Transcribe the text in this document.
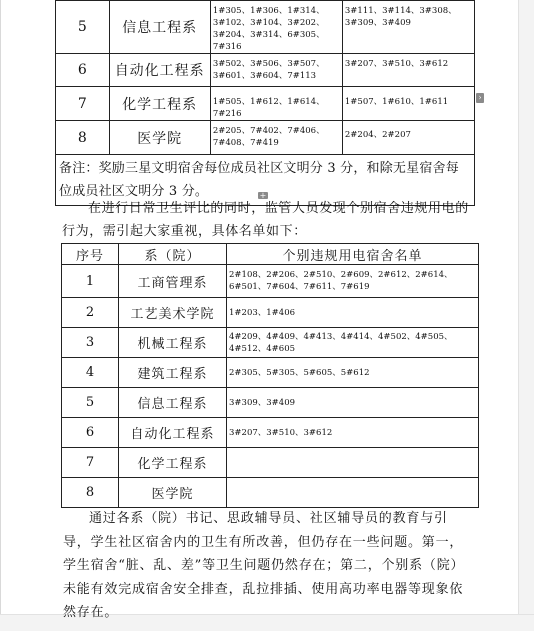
›
+
5	信息工程系	1#305、1#306、1#314、3#102、3#104、3#202、3#204、3#314、6#305、7#316	3#111、3#114、3#308、3#309、3#409
6	自动化工程系	3#502、3#506、3#507、3#601、3#604、7#113	3#207、3#510、3#612
7	化学工程系	1#505、1#612、1#614、7#216	1#507、1#610、1#611
8	医学院	2#205、7#402、7#406、7#408、7#419	2#204、2#207
备注：奖励三星文明宿舍每位成员社区文明分 3 分，和除无星宿舍每位成员社区文明分 3 分。			
在进行日常卫生评比的同时，监管人员发现个别宿舍违规用电的行为，需引起大家重视，具体名单如下：
序号	系（院）	个别违规用电宿舍名单
1	工商管理系	2#108、2#206、2#510、2#609、2#612、2#614、6#501、7#604、7#611、7#619
2	工艺美术学院	1#203、1#406
3	机械工程系	4#209、4#409、4#413、4#414、4#502、4#505、4#512、4#605
4	建筑工程系	2#305、5#305、5#605、5#612
5	信息工程系	3#309、3#409
6	自动化工程系	3#207、3#510、3#612
7	化学工程系	
8	医学院	
通过各系（院）书记、思政辅导员、社区辅导员的教育与引导，学生社区宿舍内的卫生有所改善，但仍存在一些问题。第一，学生宿舍“脏、乱、差”等卫生问题仍然存在；第二，个别系（院）未能有效完成宿舍安全排查，乱拉排插、使用高功率电器等现象依然存在。
